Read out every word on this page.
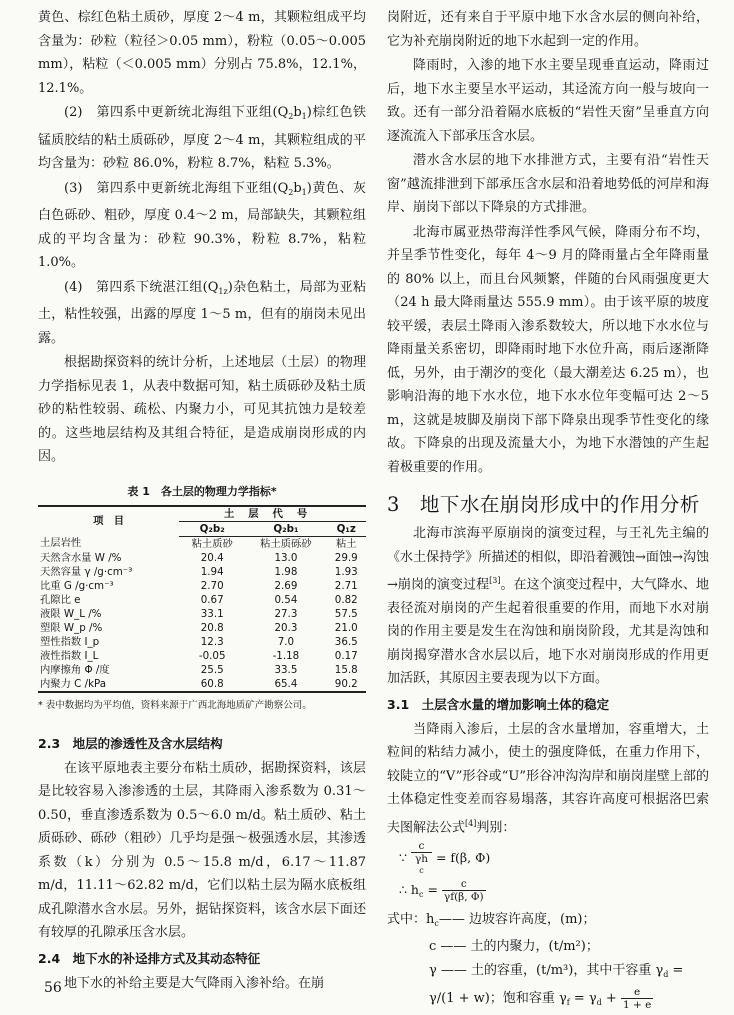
黄色、棕红色粘土质砂，厚度 2～4 m，其颗粒组成平均含量为：砂粒（粒径＞0.05 mm），粉粒（0.05～0.005 mm），粘粒（＜0.005 mm）分别占 75.8%，12.1%，12.1%。

(2)　第四系中更新统北海组下亚组$(Q_2b_1)$棕红色铁锰质胶结的粘土质砾砂，厚度 2～4 m，其颗粒组成的平均含量为：砂粒 86.0%，粉粒 8.7%，粘粒 5.3%。

(3)　第四系中更新统北海组下亚组$(Q_2b_1)$黄色、灰白色砾砂、粗砂，厚度 0.4～2 m，局部缺失，其颗粒组成的平均含量为：砂粒 90.3%，粉粒 8.7%，粘粒 1.0%。

(4)　第四系下统湛江组$(Q_{1z})$杂色粘土，局部为亚粘土，粘性较强，出露的厚度 1～5 m，但有的崩岗未见出露。

根据勘探资料的统计分析，上述地层（土层）的物理力学指标见表 1，从表中数据可知，粘土质砾砂及粘土质砂的粘性较弱、疏松、内聚力小，可见其抗蚀力是较差的。这些地层结构及其组合特征，是造成崩岗形成的内因。

表 1　各土层的物理力学指标*
项　目	土层代号		
	Q₂b₂	Q₂b₁	Q₁z
土层岩性	粘土质砂	粘土质砾砂	粘土
天然含水量 W /%	20.4	13.0	29.9
天然容量 γ /g·cm⁻³	1.94	1.98	1.93
比重 G /g·cm⁻³	2.70	2.69	2.71
孔隙比 e	0.67	0.54	0.82
液限 W_L /%	33.1	27.3	57.5
塑限 W_p /%	20.8	20.3	21.0
塑性指数 I_p	12.3	7.0	36.5
液性指数 I_L	-0.05	-1.18	0.17
内摩擦角 Φ /度	25.5	33.5	15.8
内聚力 C /kPa	60.8	65.4	90.2
* 表中数据均为平均值，资料来源于广西北海地质矿产勘察公司。
2.3　地层的渗透性及含水层结构

在该平原地表主要分布粘土质砂，据勘探资料，该层是比较容易入渗渗透的土层，其降雨入渗系数为 0.31～0.50，垂直渗透系数为 0.5～6.0 m/d。粘土质砂、粘土质砾砂、砾砂（粗砂）几乎均是强～极强透水层，其渗透系数（k）分别为 0.5～15.8 m/d，6.17～11.87 m/d，11.11～62.82 m/d，它们以粘土层为隔水底板组成孔隙潜水含水层。另外，据钻探资料，该含水层下面还有较厚的孔隙承压含水层。

2.4　地下水的补迳排方式及其动态特征

地下水的补给主要是大气降雨入渗补给。在崩

岗附近，还有来自于平原中地下水含水层的侧向补给，它为补充崩岗附近的地下水起到一定的作用。

降雨时，入渗的地下水主要呈现垂直运动，降雨过后，地下水主要呈水平运动，其迳流方向一般与坡向一致。还有一部分沿着隔水底板的“岩性天窗”呈垂直方向逐流流入下部承压含水层。

潜水含水层的地下水排泄方式，主要有沿“岩性天窗”越流排泄到下部承压含水层和沿着地势低的河岸和海岸、崩岗下部以下降泉的方式排泄。

北海市属亚热带海洋性季风气候，降雨分布不均，并呈季节性变化，每年 4～9 月的降雨量占全年降雨量的 80% 以上，而且台风频繁，伴随的台风雨强度更大（24 h 最大降雨量达 555.9 mm）。由于该平原的坡度较平缓，表层土降雨入渗系数较大，所以地下水水位与降雨量关系密切，即降雨时地下水位升高，雨后逐渐降低，另外，由于潮汐的变化（最大潮差达 6.25 m），也影响沿海的地下水水位，地下水水位年变幅可达 2～5 m，这就是坡脚及崩岗下部下降泉出现季节性变化的缘故。下降泉的出现及流量大小，为地下水潜蚀的产生起着极重要的作用。

3　地下水在崩岗形成中的作用分析

北海市滨海平原崩岗的演变过程，与王礼先主编的《水土保持学》所描述的相似，即沿着溅蚀→面蚀→沟蚀→崩岗的演变过程[3]。在这个演变过程中，大气降水、地表径流对崩岗的产生起着很重要的作用，而地下水对崩岗的作用主要是发生在沟蚀和崩岗阶段，尤其是沟蚀和崩岗揭穿潜水含水层以后，地下水对崩岗形成的作用更加活跃，其原因主要表现为以下方面。

3.1　土层含水量的增加影响土体的稳定

当降雨入渗后，土层的含水量增加，容重增大，土粒间的粘结力减小，使土的强度降低，在重力作用下，较陡立的“V”形谷或“U”形谷冲沟沟岸和崩岗崖壁上部的土体稳定性变差而容易塌落，其容许高度可根据洛巴索夫图解法公式[4]判别：

∵ c
γh
c = f(β, Φ)
∴ $h_c = \frac{c}{\gamma f(\beta, \Phi)}$

式中：$h_c——$ 边坡容许高度，(m)；

c —— 土的内聚力，(t/m²)；

γ —— 土的容重，(t/m³)，其中干容重 $\gamma_d$ =

γ/(1 + w)；饱和容重 $\gamma_f = \gamma_d + \frac{e}{1 + e}$

56
